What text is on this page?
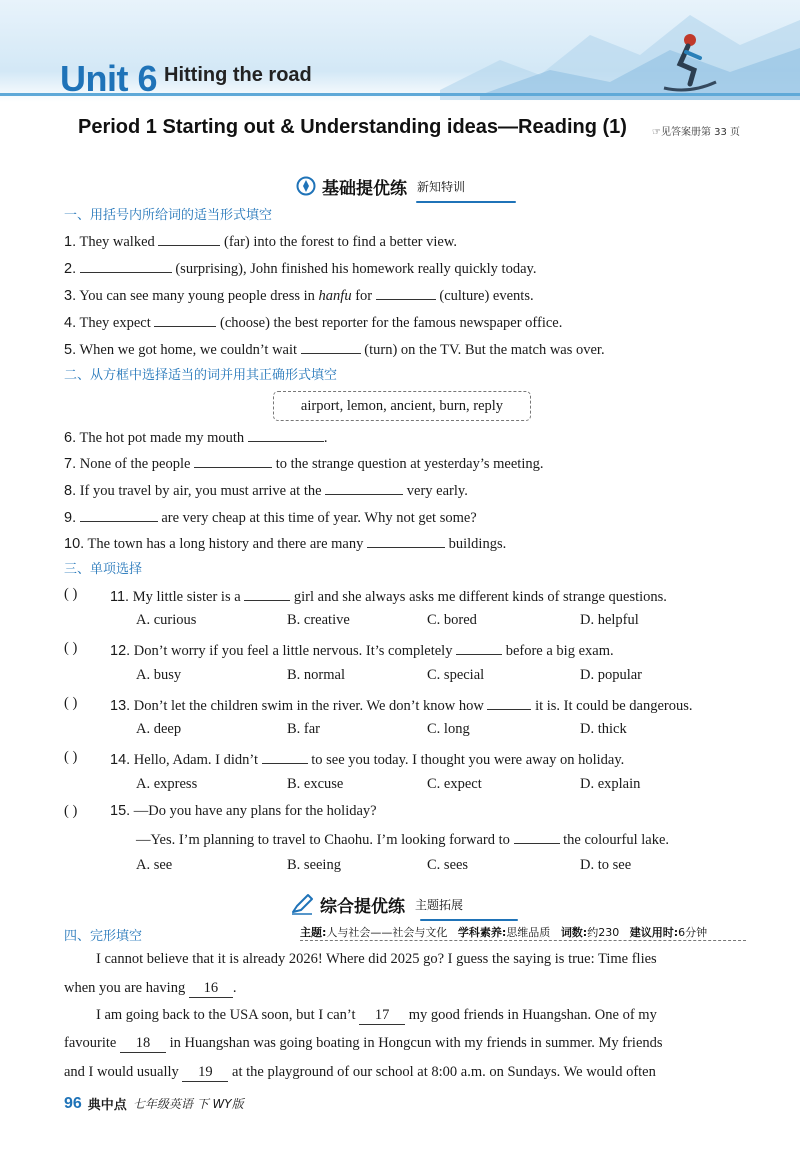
Unit 6 Hitting the road
Period 1 Starting out & Understanding ideas—Reading (1)	☞见答案册第 33 页
基础提优练 新知特训
一、用括号内所给词的适当形式填空
1. They walked	(far) into the forest to find a better view.
2.	(surprising), John finished his homework really quickly today.
3. You can see many young people dress in hanfu for	(culture) events.
4. They expect	(choose) the best reporter for the famous newspaper office.
5. When we got home, we couldn’t wait	(turn) on the TV. But the match was over.
二、从方框中选择适当的词并用其正确形式填空
airport, lemon, ancient, burn, reply
6. The hot pot made my mouth	.
7. None of the people	to the strange question at yesterday’s meeting.
8. If you travel by air, you must arrive at the	very early.
9.	are very cheap at this time of year. Why not get some?
10. The town has a long history and there are many	buildings.
三、单项选择
( ) 11. My little sister is a	girl and she always asks me different kinds of strange questions.
A. curious	B. creative	C. bored	D. helpful
( ) 12. Don’t worry if you feel a little nervous. It’s completely	before a big exam.
A. busy	B. normal	C. special	D. popular
( ) 13. Don’t let the children swim in the river. We don’t know how	it is. It could be dangerous.
A. deep	B. far	C. long	D. thick
( ) 14. Hello, Adam. I didn’t	to see you today. I thought you were away on holiday.
A. express	B. excuse	C. expect	D. explain
( ) 15. —Do you have any plans for the holiday?
—Yes. I’m planning to travel to Chaohu. I’m looking forward to	the colourful lake.
A. see	B. seeing	C. sees	D. to see
综合提优练 主题拓展
四、完形填空	主题:人与社会——社会与文化 学科素养:思维品质 词数:约230 建议用时:6分钟
I cannot believe that it is already 2026! Where did 2025 go? I guess the saying is true: Time flies
when you are having 16 .
I am going back to the USA soon, but I can’t 17 my good friends in Huangshan. One of my
favourite 18 in Huangshan was going boating in Hongcun with my friends in summer. My friends
and I would usually 19 at the playground of our school at 8:00 a.m. on Sundays. We would often
96 典中点 七年级英语 下 WY版
